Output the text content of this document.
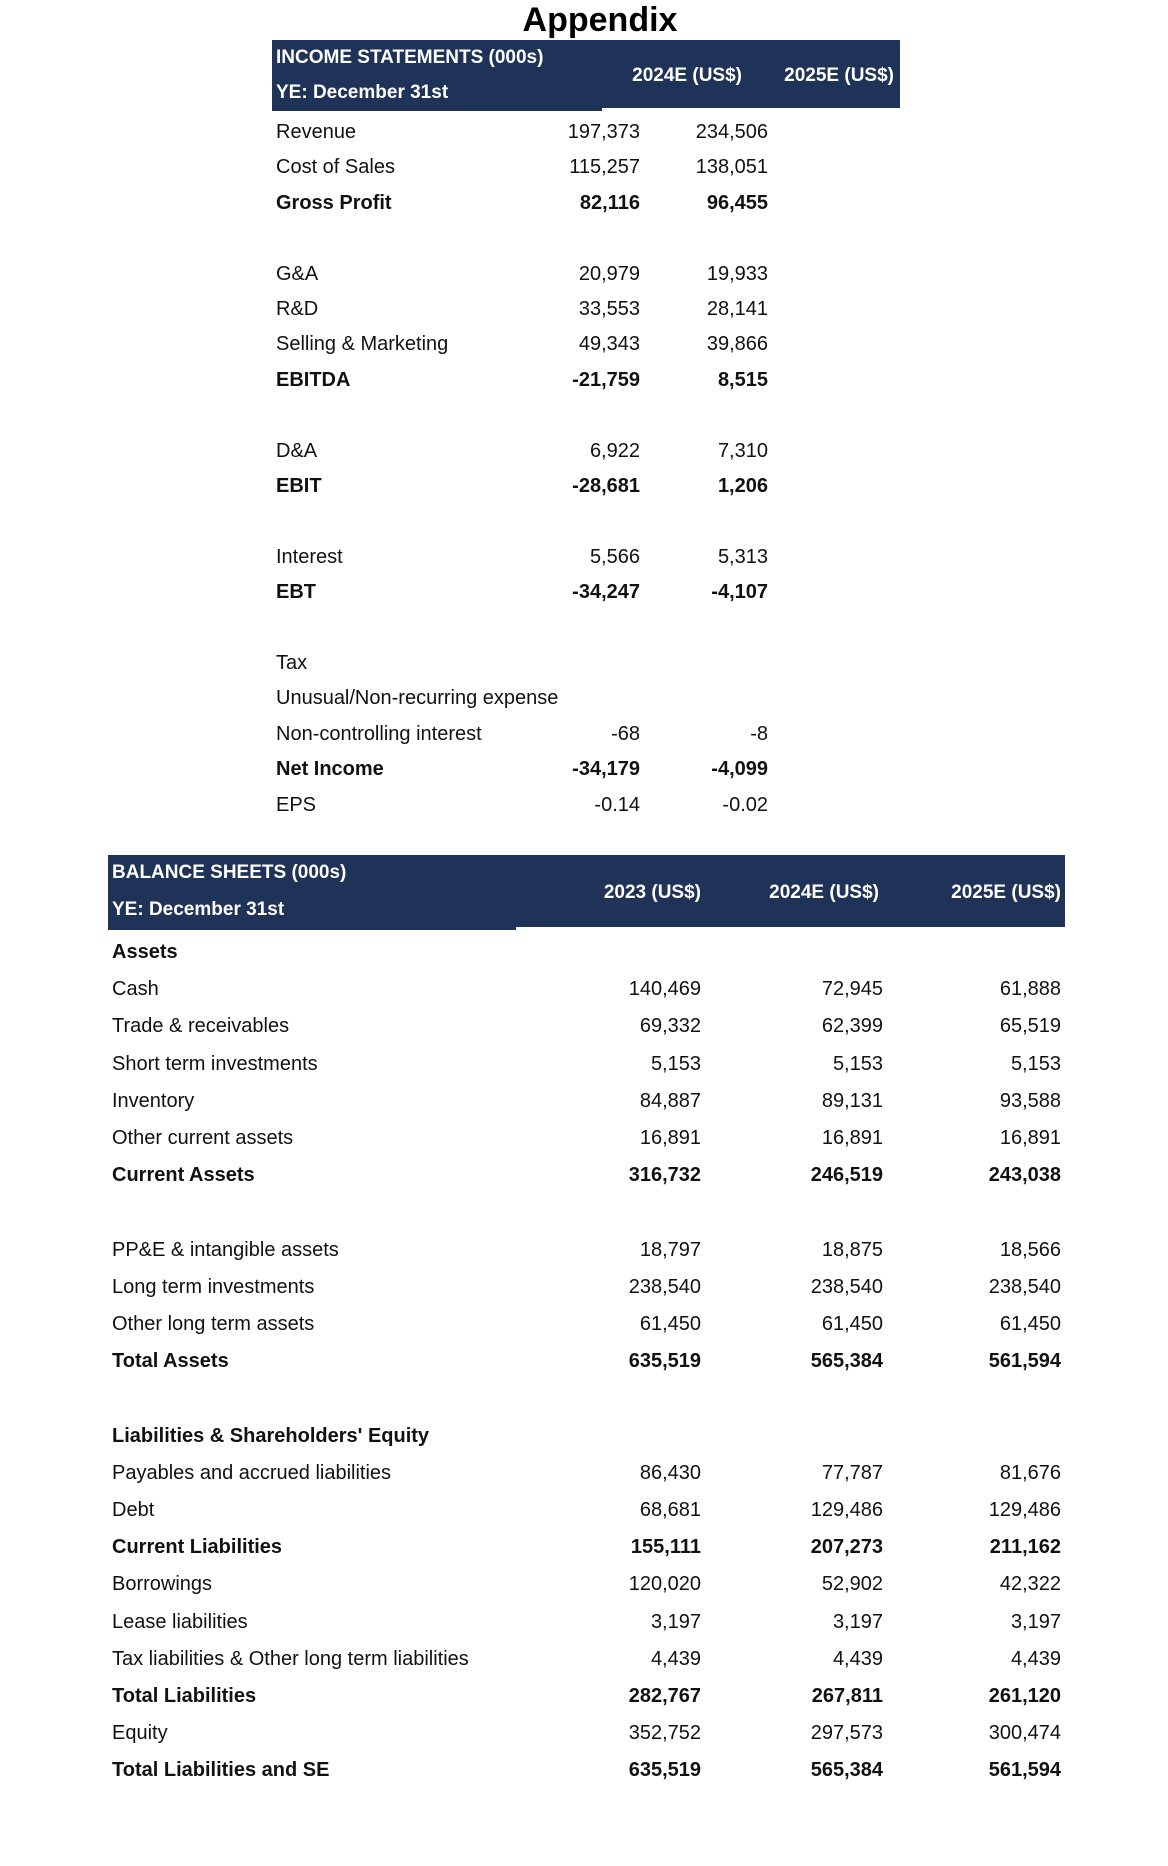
Appendix
INCOME STATEMENTS (000s)
YE: December 31st
2024E (US$) 2025E (US$)
Revenue	197,373	234,506
Cost of Sales	115,257	138,051
Gross Profit	82,116	96,455
G&A	20,979	19,933
R&D	33,553	28,141
Selling & Marketing	49,343	39,866
EBITDA	-21,759	8,515
D&A	6,922	7,310
EBIT	-28,681	1,206
Interest	5,566	5,313
EBT	-34,247	-4,107
Tax
Unusual/Non-recurring expense
Non-controlling interest	-68	-8
Net Income	-34,179	-4,099
EPS	-0.14	-0.02
BALANCE SHEETS (000s)
YE: December 31st
2023 (US$)	2024E (US$)	2025E (US$)
Assets
Cash	140,469	72,945	61,888
Trade & receivables	69,332	62,399	65,519
Short term investments	5,153	5,153	5,153
Inventory	84,887	89,131	93,588
Other current assets	16,891	16,891	16,891
Current Assets	316,732	246,519	243,038
PP&E & intangible assets	18,797	18,875	18,566
Long term investments	238,540	238,540	238,540
Other long term assets	61,450	61,450	61,450
Total Assets	635,519	565,384	561,594
Liabilities & Shareholders' Equity
Payables and accrued liabilities	86,430	77,787	81,676
Debt	68,681	129,486	129,486
Current Liabilities	155,111	207,273	211,162
Borrowings	120,020	52,902	42,322
Lease liabilities	3,197	3,197	3,197
Tax liabilities & Other long term liabilities	4,439	4,439	4,439
Total Liabilities	282,767	267,811	261,120
Equity	352,752	297,573	300,474
Total Liabilities and SE	635,519	565,384	561,594
